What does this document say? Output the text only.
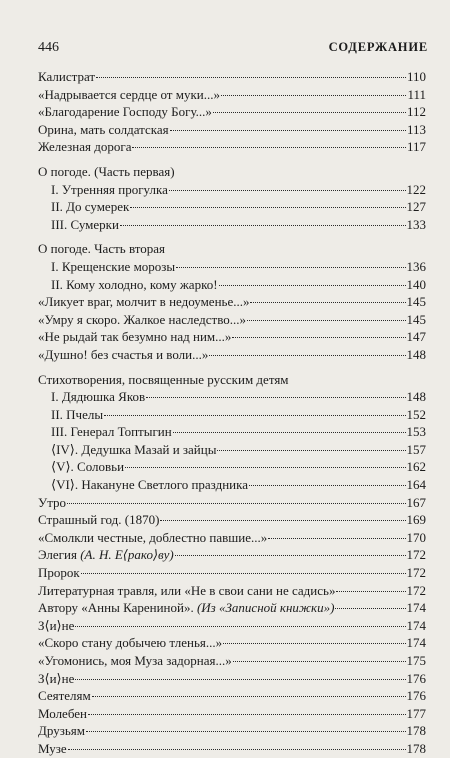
446	СОДЕРЖАНИЕ
Калистрат	110
«Надрывается сердце от муки...»	111
«Благодарение Господу Богу...»	112
Орина, мать солдатская	113
Железная дорога	117
О погоде. (Часть первая)
I. Утренняя прогулка	122
II. До сумерек	127
III. Сумерки	133
О погоде. Часть вторая
I. Крещенские морозы	136
II. Кому холодно, кому жарко!	140
«Ликует враг, молчит в недоуменье...»	145
«Умру я скоро. Жалкое наследство...»	145
«Не рыдай так безумно над ним...»	147
«Душно! без счастья и воли...»	148
Стихотворения, посвященные русским детям
I. Дядюшка Яков	148
II. Пчелы	152
III. Генерал Топтыгин	153
⟨IV⟩. Дедушка Мазай и зайцы	157
⟨V⟩. Соловьи	162
⟨VI⟩. Накануне Светлого праздника	164
Утро	167
Страшный год. (1870)	169
«Смолкли честные, доблестно павшие...»	170
Элегия (А. Н. Е⟨рако⟩ву)	172
Пророк	172
Литературная травля, или «Не в свои сани не садись»	172
Автору «Анны Карениной». (Из «Записной книжки»)	174
З⟨и⟩не	174
«Скоро стану добычею тленья...»	174
«Угомонись, моя Муза задорная...»	175
З⟨и⟩не	176
Сеятелям	176
Молебен	177
Друзьям	178
Музе	178
